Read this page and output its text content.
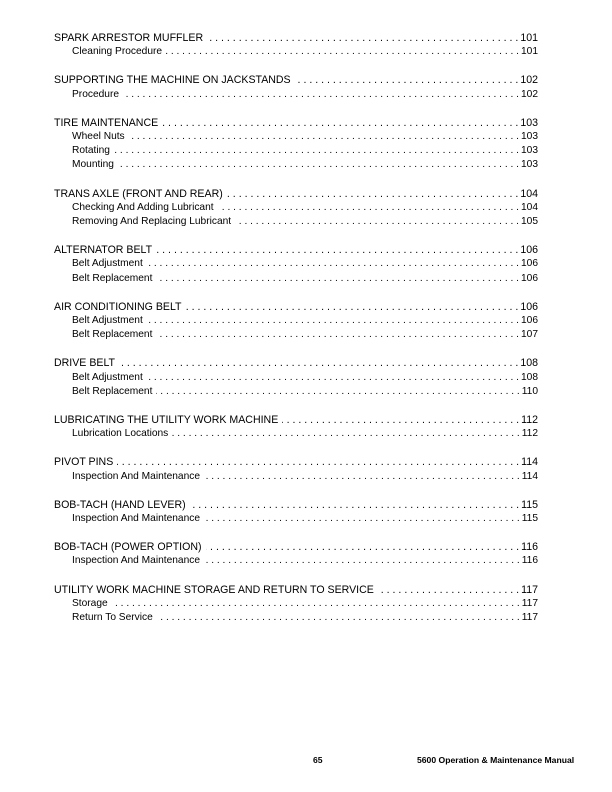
SPARK ARRESTOR MUFFLER . . .	101
Cleaning Procedure . . .	101
SUPPORTING THE MACHINE ON JACKSTANDS . . .	102
Procedure . . .	102
TIRE MAINTENANCE . . .	103
Wheel Nuts . . .	103
Rotating . . .	103
Mounting . . .	103
TRANS AXLE (FRONT AND REAR) . . .	104
Checking And Adding Lubricant . . .	104
Removing And Replacing Lubricant . . .	105
ALTERNATOR BELT . . .	106
Belt Adjustment . . .	106
Belt Replacement . . .	106
AIR CONDITIONING BELT . . .	106
Belt Adjustment . . .	106
Belt Replacement . . .	107
DRIVE BELT . . .	108
Belt Adjustment . . .	108
Belt Replacement . . .	110
LUBRICATING THE UTILITY WORK MACHINE . . .	112
Lubrication Locations . . .	112
PIVOT PINS . . .	114
Inspection And Maintenance . . .	114
BOB-TACH (HAND LEVER) . . .	115
Inspection And Maintenance . . .	115
BOB-TACH (POWER OPTION) . . .	116
Inspection And Maintenance . . .	116
UTILITY WORK MACHINE STORAGE AND RETURN TO SERVICE . . .	117
Storage . . .	117
Return To Service . . .	117
65	5600 Operation & Maintenance Manual
